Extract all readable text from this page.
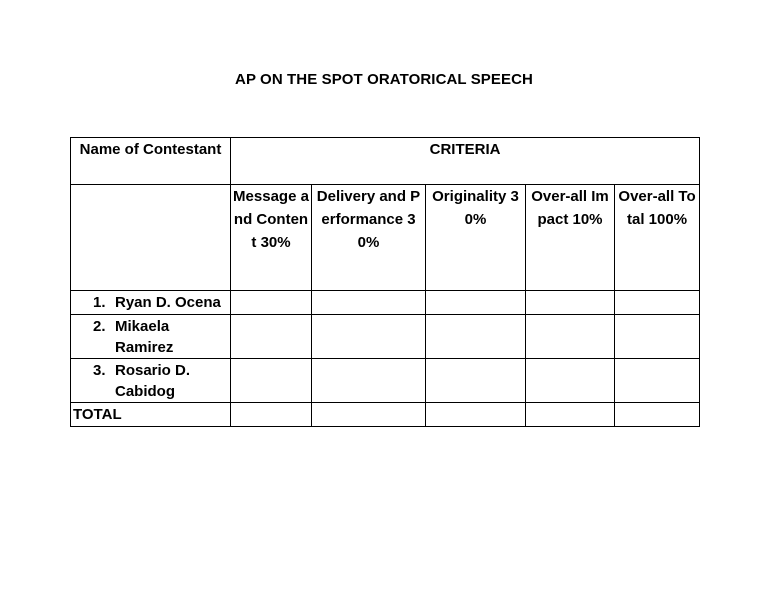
AP ON THE SPOT ORATORICAL SPEECH
Name of Contestant	CRITERIA				

	Message and Content 30%	Delivery and Performance 30%	Originality 30%	Over-all Impact 10%	Over-all Total 100%

1. Ryan D. Ocena					

2. Mikaela Ramirez					

3. Rosario D. Cabidog					

TOTAL					
